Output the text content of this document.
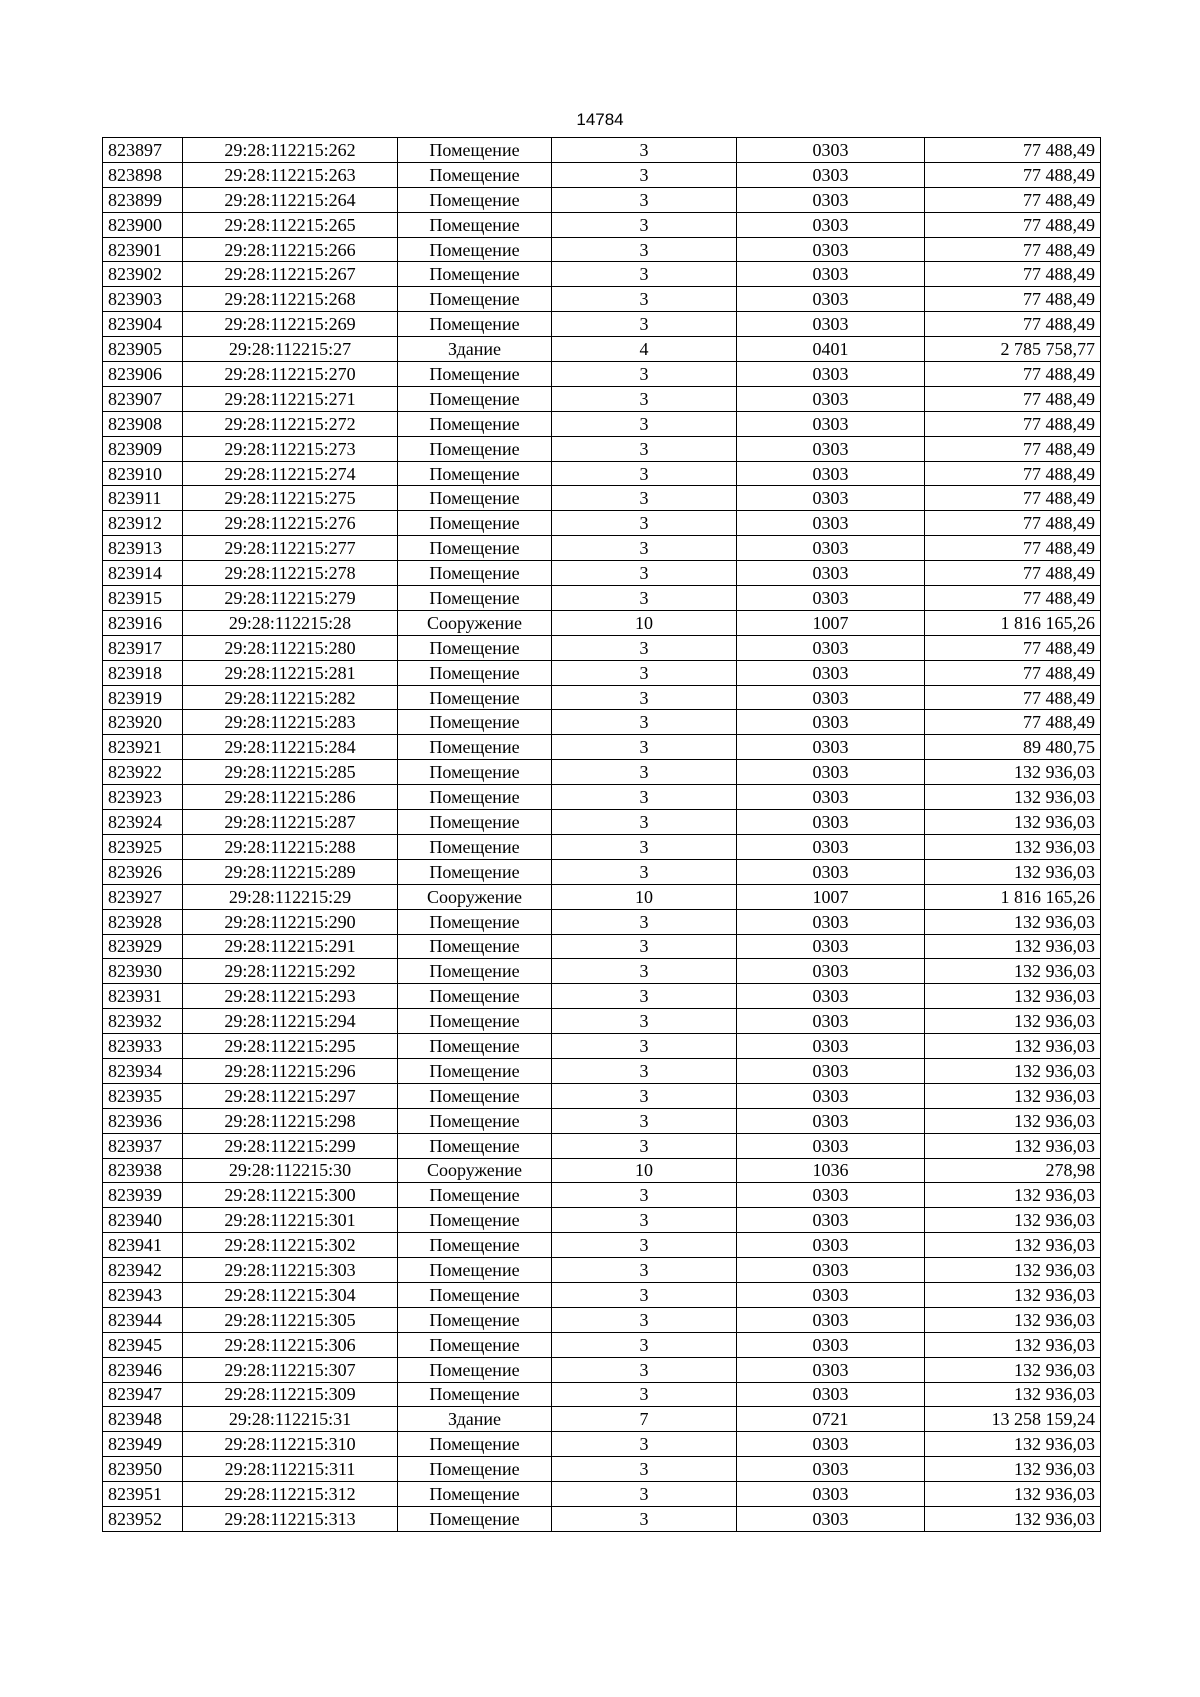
14784
823897	29:28:112215:262	Помещение	3	0303	77 488,49
823898	29:28:112215:263	Помещение	3	0303	77 488,49
823899	29:28:112215:264	Помещение	3	0303	77 488,49
823900	29:28:112215:265	Помещение	3	0303	77 488,49
823901	29:28:112215:266	Помещение	3	0303	77 488,49
823902	29:28:112215:267	Помещение	3	0303	77 488,49
823903	29:28:112215:268	Помещение	3	0303	77 488,49
823904	29:28:112215:269	Помещение	3	0303	77 488,49
823905	29:28:112215:27	Здание	4	0401	2 785 758,77
823906	29:28:112215:270	Помещение	3	0303	77 488,49
823907	29:28:112215:271	Помещение	3	0303	77 488,49
823908	29:28:112215:272	Помещение	3	0303	77 488,49
823909	29:28:112215:273	Помещение	3	0303	77 488,49
823910	29:28:112215:274	Помещение	3	0303	77 488,49
823911	29:28:112215:275	Помещение	3	0303	77 488,49
823912	29:28:112215:276	Помещение	3	0303	77 488,49
823913	29:28:112215:277	Помещение	3	0303	77 488,49
823914	29:28:112215:278	Помещение	3	0303	77 488,49
823915	29:28:112215:279	Помещение	3	0303	77 488,49
823916	29:28:112215:28	Сооружение	10	1007	1 816 165,26
823917	29:28:112215:280	Помещение	3	0303	77 488,49
823918	29:28:112215:281	Помещение	3	0303	77 488,49
823919	29:28:112215:282	Помещение	3	0303	77 488,49
823920	29:28:112215:283	Помещение	3	0303	77 488,49
823921	29:28:112215:284	Помещение	3	0303	89 480,75
823922	29:28:112215:285	Помещение	3	0303	132 936,03
823923	29:28:112215:286	Помещение	3	0303	132 936,03
823924	29:28:112215:287	Помещение	3	0303	132 936,03
823925	29:28:112215:288	Помещение	3	0303	132 936,03
823926	29:28:112215:289	Помещение	3	0303	132 936,03
823927	29:28:112215:29	Сооружение	10	1007	1 816 165,26
823928	29:28:112215:290	Помещение	3	0303	132 936,03
823929	29:28:112215:291	Помещение	3	0303	132 936,03
823930	29:28:112215:292	Помещение	3	0303	132 936,03
823931	29:28:112215:293	Помещение	3	0303	132 936,03
823932	29:28:112215:294	Помещение	3	0303	132 936,03
823933	29:28:112215:295	Помещение	3	0303	132 936,03
823934	29:28:112215:296	Помещение	3	0303	132 936,03
823935	29:28:112215:297	Помещение	3	0303	132 936,03
823936	29:28:112215:298	Помещение	3	0303	132 936,03
823937	29:28:112215:299	Помещение	3	0303	132 936,03
823938	29:28:112215:30	Сооружение	10	1036	278,98
823939	29:28:112215:300	Помещение	3	0303	132 936,03
823940	29:28:112215:301	Помещение	3	0303	132 936,03
823941	29:28:112215:302	Помещение	3	0303	132 936,03
823942	29:28:112215:303	Помещение	3	0303	132 936,03
823943	29:28:112215:304	Помещение	3	0303	132 936,03
823944	29:28:112215:305	Помещение	3	0303	132 936,03
823945	29:28:112215:306	Помещение	3	0303	132 936,03
823946	29:28:112215:307	Помещение	3	0303	132 936,03
823947	29:28:112215:309	Помещение	3	0303	132 936,03
823948	29:28:112215:31	Здание	7	0721	13 258 159,24
823949	29:28:112215:310	Помещение	3	0303	132 936,03
823950	29:28:112215:311	Помещение	3	0303	132 936,03
823951	29:28:112215:312	Помещение	3	0303	132 936,03
823952	29:28:112215:313	Помещение	3	0303	132 936,03
